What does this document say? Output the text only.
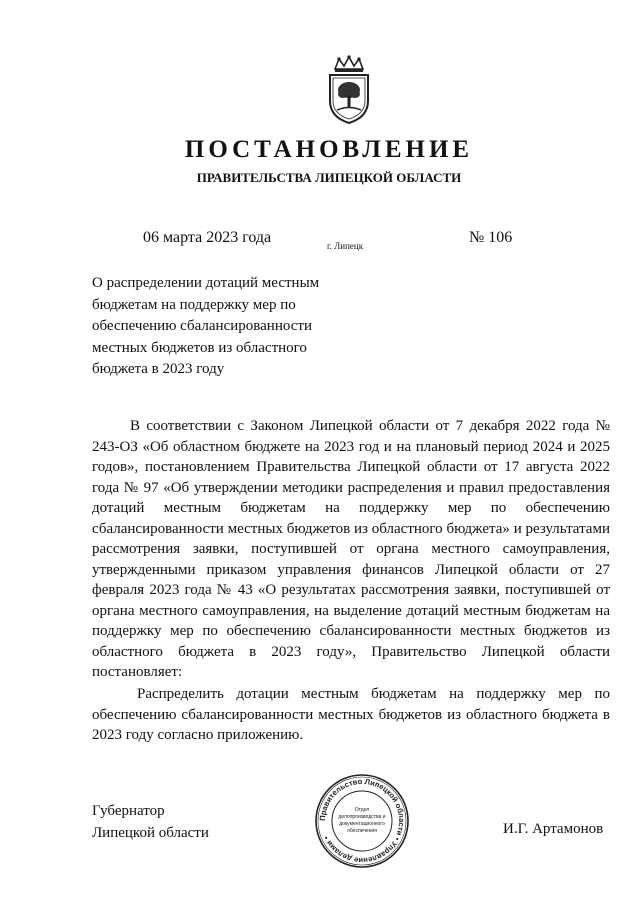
ПОСТАНОВЛЕНИЕ
ПРАВИТЕЛЬСТВА ЛИПЕЦКОЙ ОБЛАСТИ
06 марта 2023 года	г. Липецк	№ 106
О распределении дотаций местным бюджетам на поддержку мер по обеспечению сбалансированности местных бюджетов из областного бюджета в 2023 году

В соответствии с Законом Липецкой области от 7 декабря 2022 года № 243-ОЗ «Об областном бюджете на 2023 год и на плановый период 2024 и 2025 годов», постановлением Правительства Липецкой области от 17 августа 2022 года № 97 «Об утверждении методики распределения и правил предоставления дотаций местным бюджетам на поддержку мер по обеспечению сбалансированности местных бюджетов из областного бюджета» и результатами рассмотрения заявки, поступившей от органа местного самоуправления, утвержденными приказом управления финансов Липецкой области от 27 февраля 2023 года № 43 «О результатах рассмотрения заявки, поступившей от органа местного самоуправления, на выделение дотаций местным бюджетам на поддержку мер по обеспечению сбалансированности местных бюджетов из областного бюджета в 2023 году», Правительство Липецкой области постановляет:

Распределить дотации местным бюджетам на поддержку мер по обеспечению сбалансированности местных бюджетов из областного бюджета в 2023 году согласно приложению.

Губернатор
Липецкой области	И.Г. Артамонов
Правительство Липецкой области • Управление делами •
Отдел
делопроизводства и
документационного
обеспечения
